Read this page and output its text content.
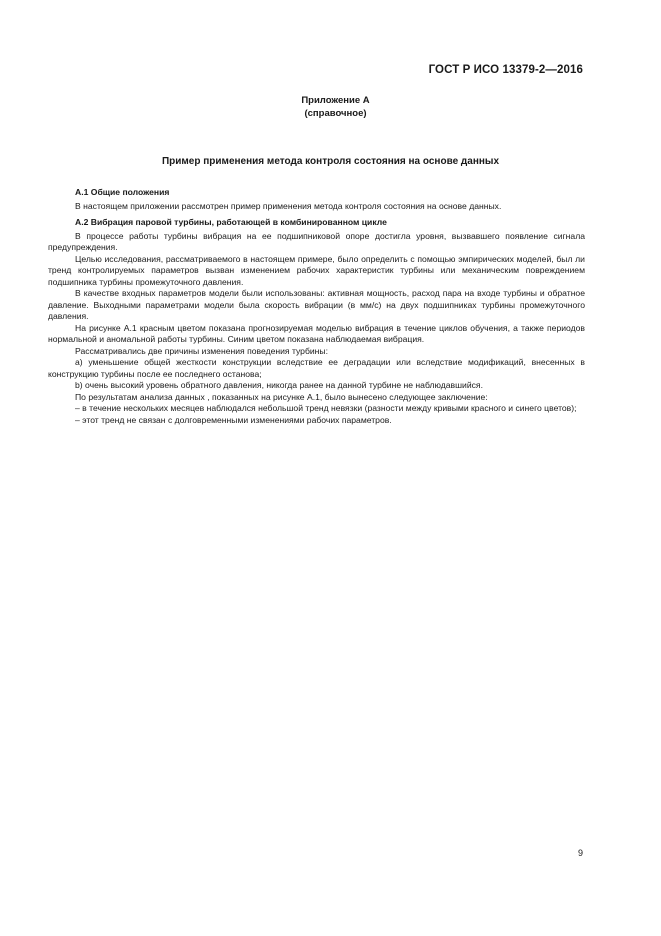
ГОСТ Р ИСО 13379-2—2016
Приложение А
(справочное)
Пример применения метода контроля состояния на основе данных
А.1 Общие положения

В настоящем приложении рассмотрен пример применения метода контроля состояния на основе данных.

А.2 Вибрация паровой турбины, работающей в комбинированном цикле

В процессе работы турбины вибрация на ее подшипниковой опоре достигла уровня, вызвавшего появление сигнала предупреждения.

Целью исследования, рассматриваемого в настоящем примере, было определить с помощью эмпирических моделей, был ли тренд контролируемых параметров вызван изменением рабочих характеристик турбины или механическим повреждением подшипника турбины промежуточного давления.

В качестве входных параметров модели были использованы: активная мощность, расход пара на входе турбины и обратное давление. Выходными параметрами модели была скорость вибрации (в мм/с) на двух подшипниках турбины промежуточного давления.

На рисунке А.1 красным цветом показана прогнозируемая моделью вибрация в течение циклов обучения, а также периодов нормальной и аномальной работы турбины. Синим цветом показана наблюдаемая вибрация.

Рассматривались две причины изменения поведения турбины:

а) уменьшение общей жесткости конструкции вследствие ее деградации или вследствие модификаций, внесенных в конструкцию турбины после ее последнего останова;

b) очень высокий уровень обратного давления, никогда ранее на данной турбине не наблюдавшийся.

По результатам анализа данных , показанных на рисунке А.1, было вынесено следующее заключение:

– в течение нескольких месяцев наблюдался небольшой тренд невязки (разности между кривыми красного и синего цветов);

– этот тренд не связан с долговременными изменениями рабочих параметров.

9
